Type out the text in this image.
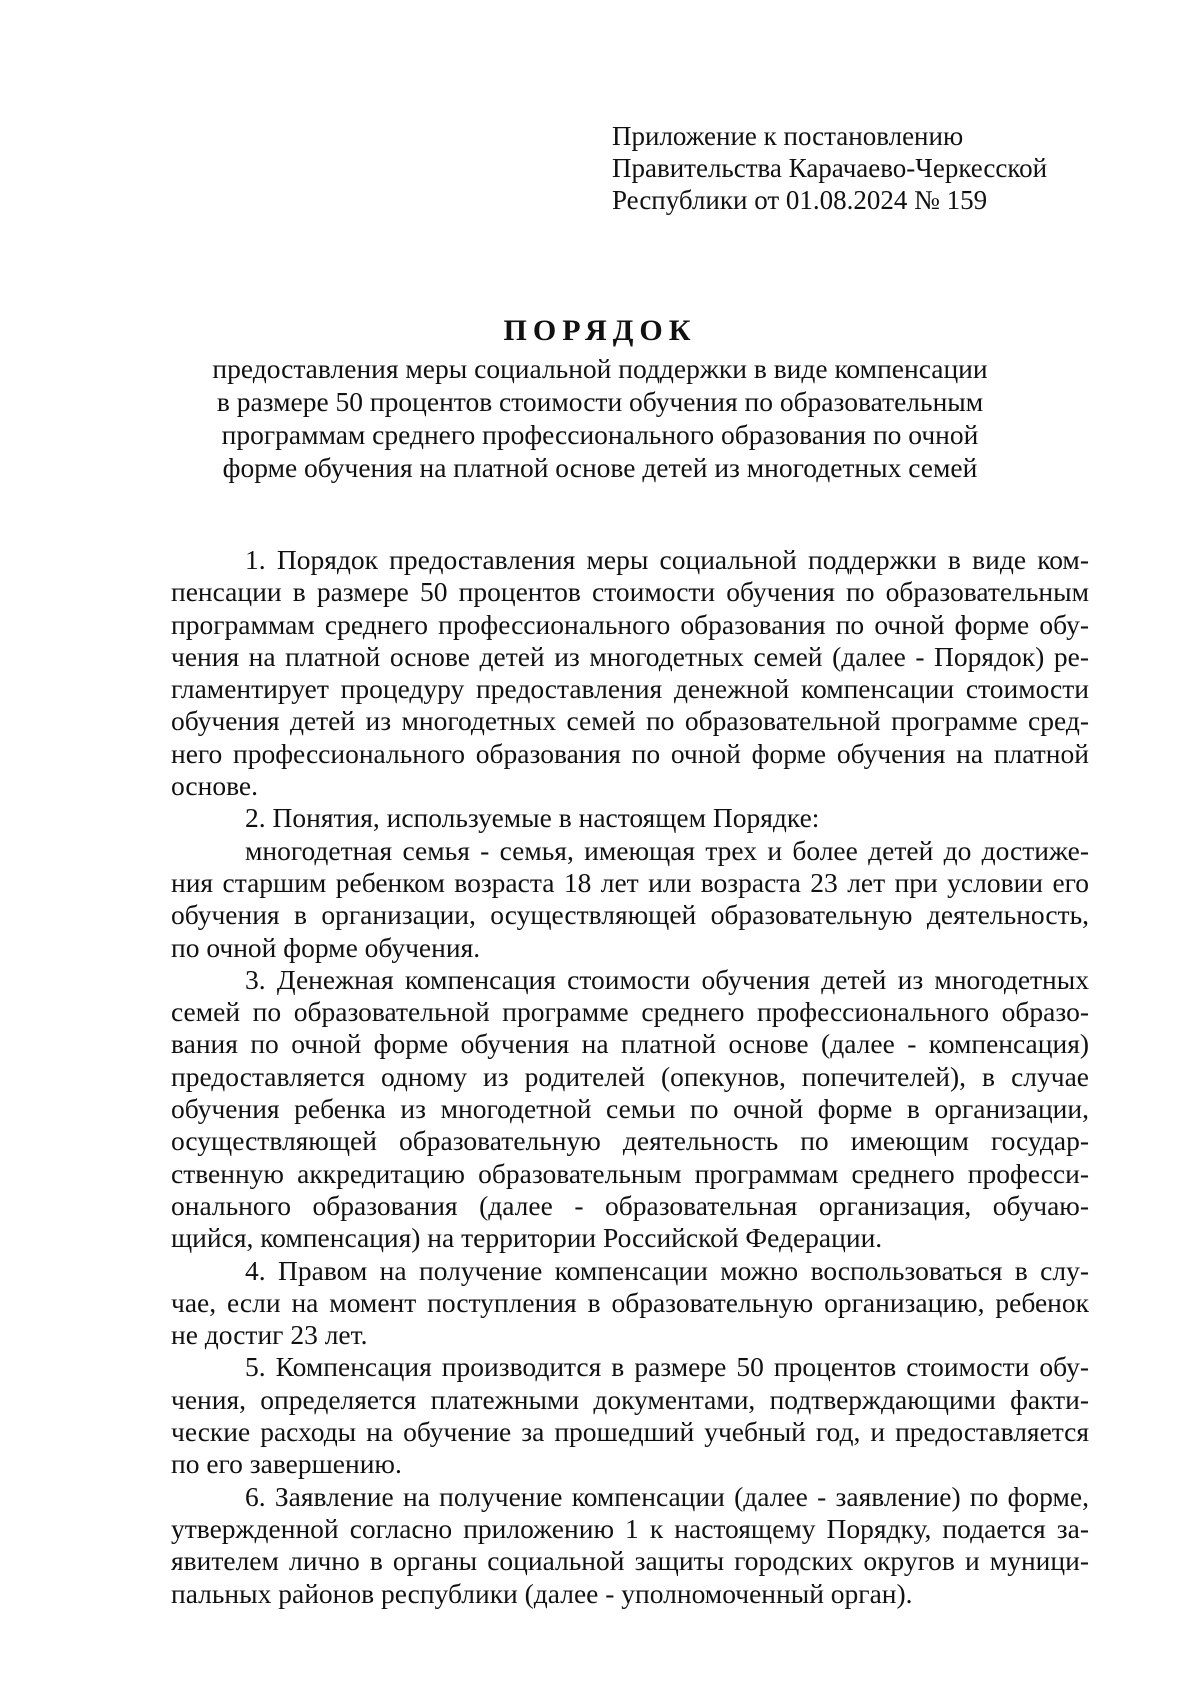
Приложение к постановлению
Правительства Карачаево-Черкесской
Республики от 01.08.2024 № 159
ПОРЯДОК
предоставления меры социальной поддержки в виде компенсации
в размере 50 процентов стоимости обучения по образовательным
программам среднего профессионального образования по очной
форме обучения на платной основе детей из многодетных семей
1. Порядок предоставления меры социальной поддержки в виде ком-
пенсации в размере 50 процентов стоимости обучения по образовательным
программам среднего профессионального образования по очной форме обу-
чения на платной основе детей из многодетных семей (далее - Порядок) ре-
гламентирует процедуру предоставления денежной компенсации стоимости
обучения детей из многодетных семей по образовательной программе сред-
него профессионального образования по очной форме обучения на платной
основе.
2. Понятия, используемые в настоящем Порядке:
многодетная семья - семья, имеющая трех и более детей до достиже-
ния старшим ребенком возраста 18 лет или возраста 23 лет при условии его
обучения в организации, осуществляющей образовательную деятельность,
по очной форме обучения.
3. Денежная компенсация стоимости обучения детей из многодетных
семей по образовательной программе среднего профессионального образо-
вания по очной форме обучения на платной основе (далее - компенсация)
предоставляется одному из родителей (опекунов, попечителей), в случае
обучения ребенка из многодетной семьи по очной форме в организации,
осуществляющей образовательную деятельность по имеющим государ-
ственную аккредитацию образовательным программам среднего професси-
онального образования (далее - образовательная организация, обучаю-
щийся, компенсация) на территории Российской Федерации.
4. Правом на получение компенсации можно воспользоваться в слу-
чае, если на момент поступления в образовательную организацию, ребенок
не достиг 23 лет.
5. Компенсация производится в размере 50 процентов стоимости обу-
чения, определяется платежными документами, подтверждающими факти-
ческие расходы на обучение за прошедший учебный год, и предоставляется
по его завершению.
6. Заявление на получение компенсации (далее - заявление) по форме,
утвержденной согласно приложению 1 к настоящему Порядку, подается за-
явителем лично в органы социальной защиты городских округов и муници-
пальных районов республики (далее - уполномоченный орган).
